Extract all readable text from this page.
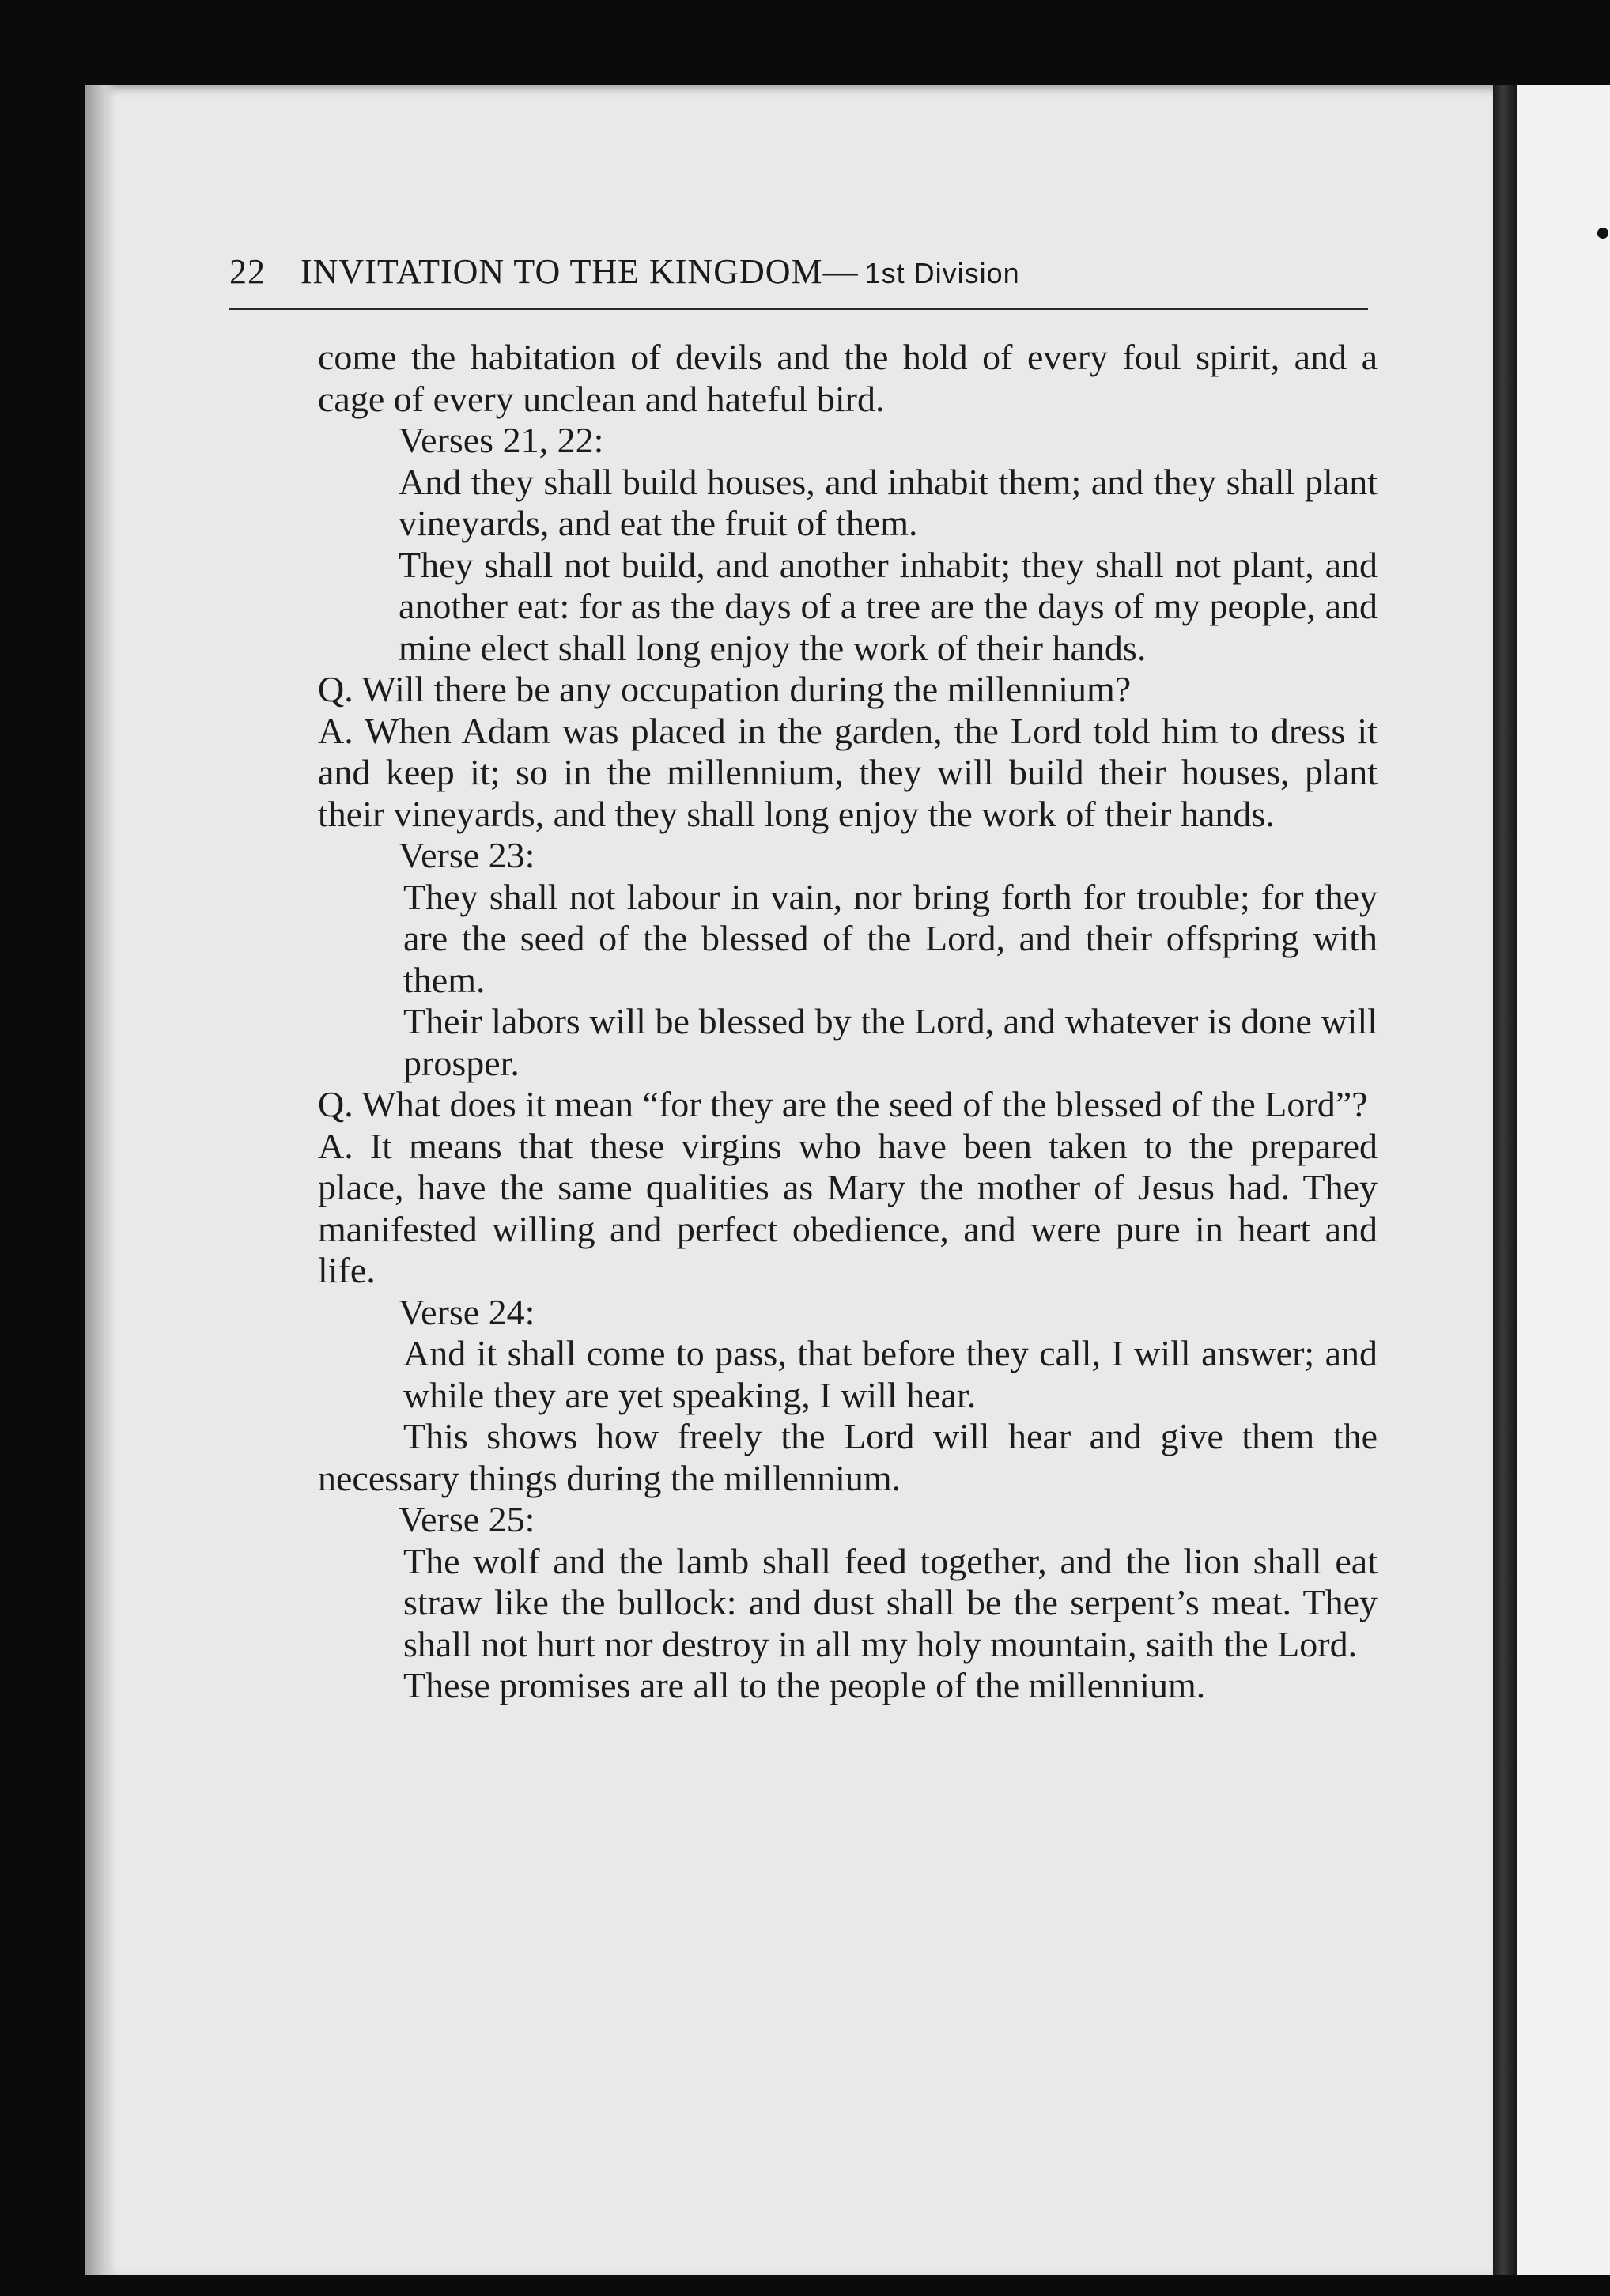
22 INVITATION TO THE KINGDOM— 1st Division

come the habitation of devils and the hold of every foul spirit, and a cage of every unclean and hateful bird.

Verses 21, 22:

And they shall build houses, and inhabit them; and they shall plant vineyards, and eat the fruit of them.

They shall not build, and another inhabit; they shall not plant, and another eat: for as the days of a tree are the days of my people, and mine elect shall long enjoy the work of their hands.

Q. Will there be any occupation during the millennium?

A. When Adam was placed in the garden, the Lord told him to dress it and keep it; so in the millennium, they will build their houses, plant their vineyards, and they shall long enjoy the work of their hands.

Verse 23:

They shall not labour in vain, nor bring forth for trouble; for they are the seed of the blessed of the Lord, and their offspring with them.

Their labors will be blessed by the Lord, and whatever is done will prosper.

Q. What does it mean “for they are the seed of the blessed of the Lord”?

A. It means that these virgins who have been taken to the prepared place, have the same qualities as Mary the mother of Jesus had. They manifested willing and perfect obedience, and were pure in heart and life.

Verse 24:

And it shall come to pass, that before they call, I will answer; and while they are yet speaking, I will hear.

This shows how freely the Lord will hear and give them the necessary things during the millennium.

Verse 25:

The wolf and the lamb shall feed together, and the lion shall eat straw like the bullock: and dust shall be the serpent’s meat. They shall not hurt nor destroy in all my holy mountain, saith the Lord.

These promises are all to the people of the millennium.
